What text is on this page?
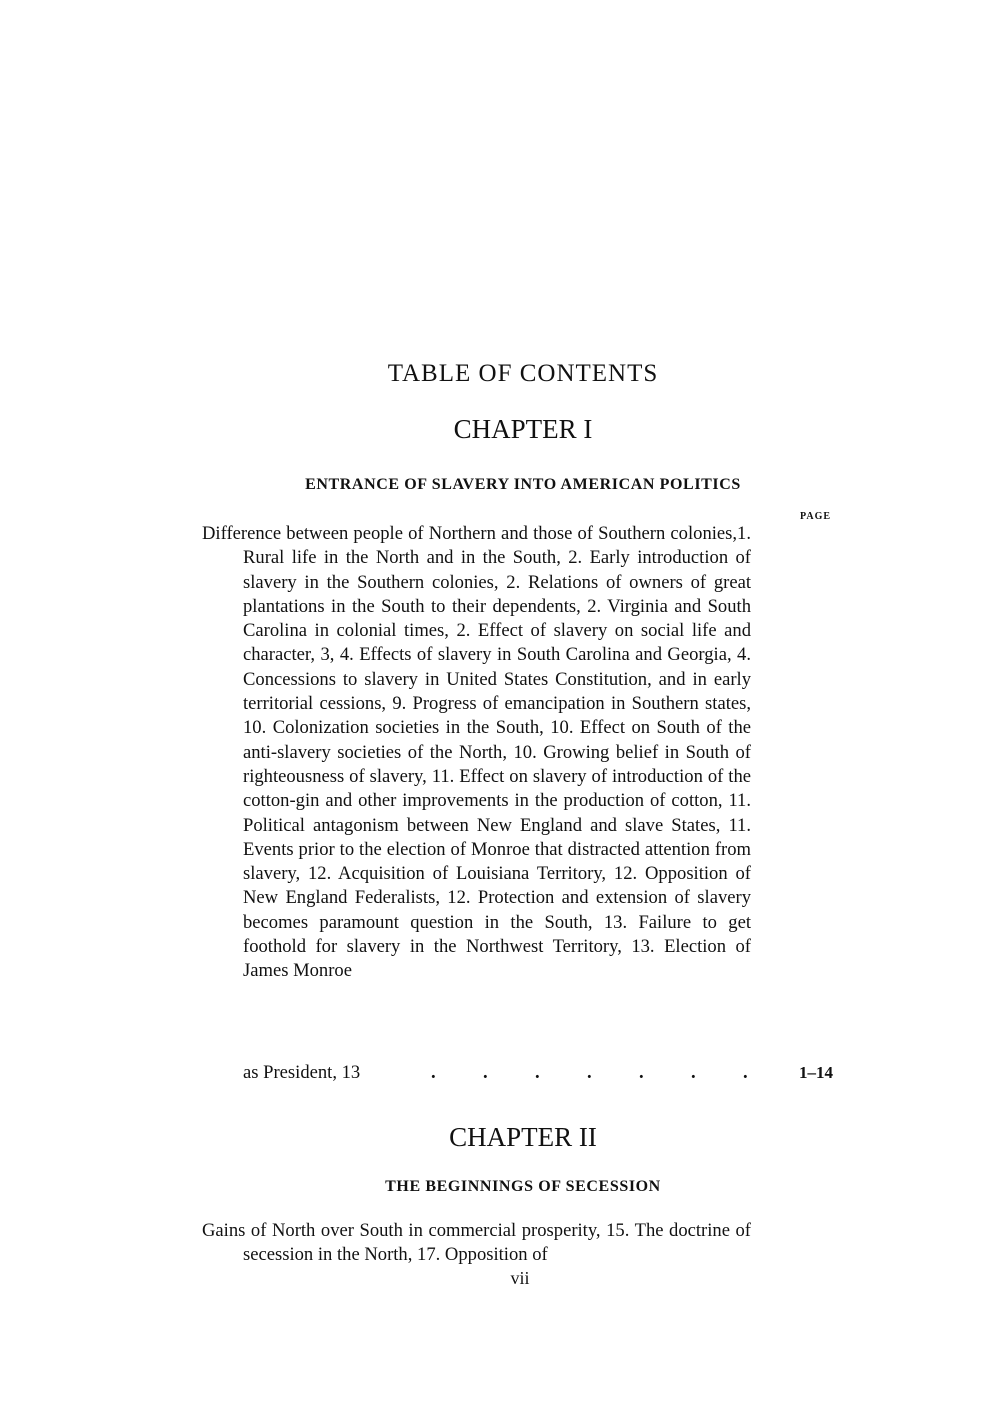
TABLE OF CONTENTS
CHAPTER I
ENTRANCE OF SLAVERY INTO AMERICAN POLITICS
PAGE

Difference between people of Northern and those of Southern colonies,1. Rural life in the North and in the South, 2. Early introduction of slavery in the Southern colonies, 2. Relations of owners of great plantations in the South to their dependents, 2. Virginia and South Carolina in colonial times, 2. Effect of slavery on social life and character, 3, 4. Effects of slavery in South Carolina and Georgia, 4. Concessions to slavery in United States Constitution, and in early territorial cessions, 9. Progress of emancipation in Southern states, 10. Colonization societies in the South, 10. Effect on South of the anti-slavery societies of the North, 10. Growing belief in South of righteousness of slavery, 11. Effect on slavery of introduction of the cotton-gin and other improvements in the production of cotton, 11. Political antagonism between New England and slave States, 11. Events prior to the election of Monroe that distracted attention from slavery, 12. Acquisition of Louisiana Territory, 12. Opposition of New England Federalists, 12. Protection and extension of slavery becomes paramount question in the South, 13. Failure to get foothold for slavery in the Northwest Territory, 13. Election of James Monroe

as President, 13	.	.	.	.	.	.	.	1–14
CHAPTER II
THE BEGINNINGS OF SECESSION

Gains of North over South in commercial prosperity, 15. The doctrine of secession in the North, 17. Opposition of

vii
